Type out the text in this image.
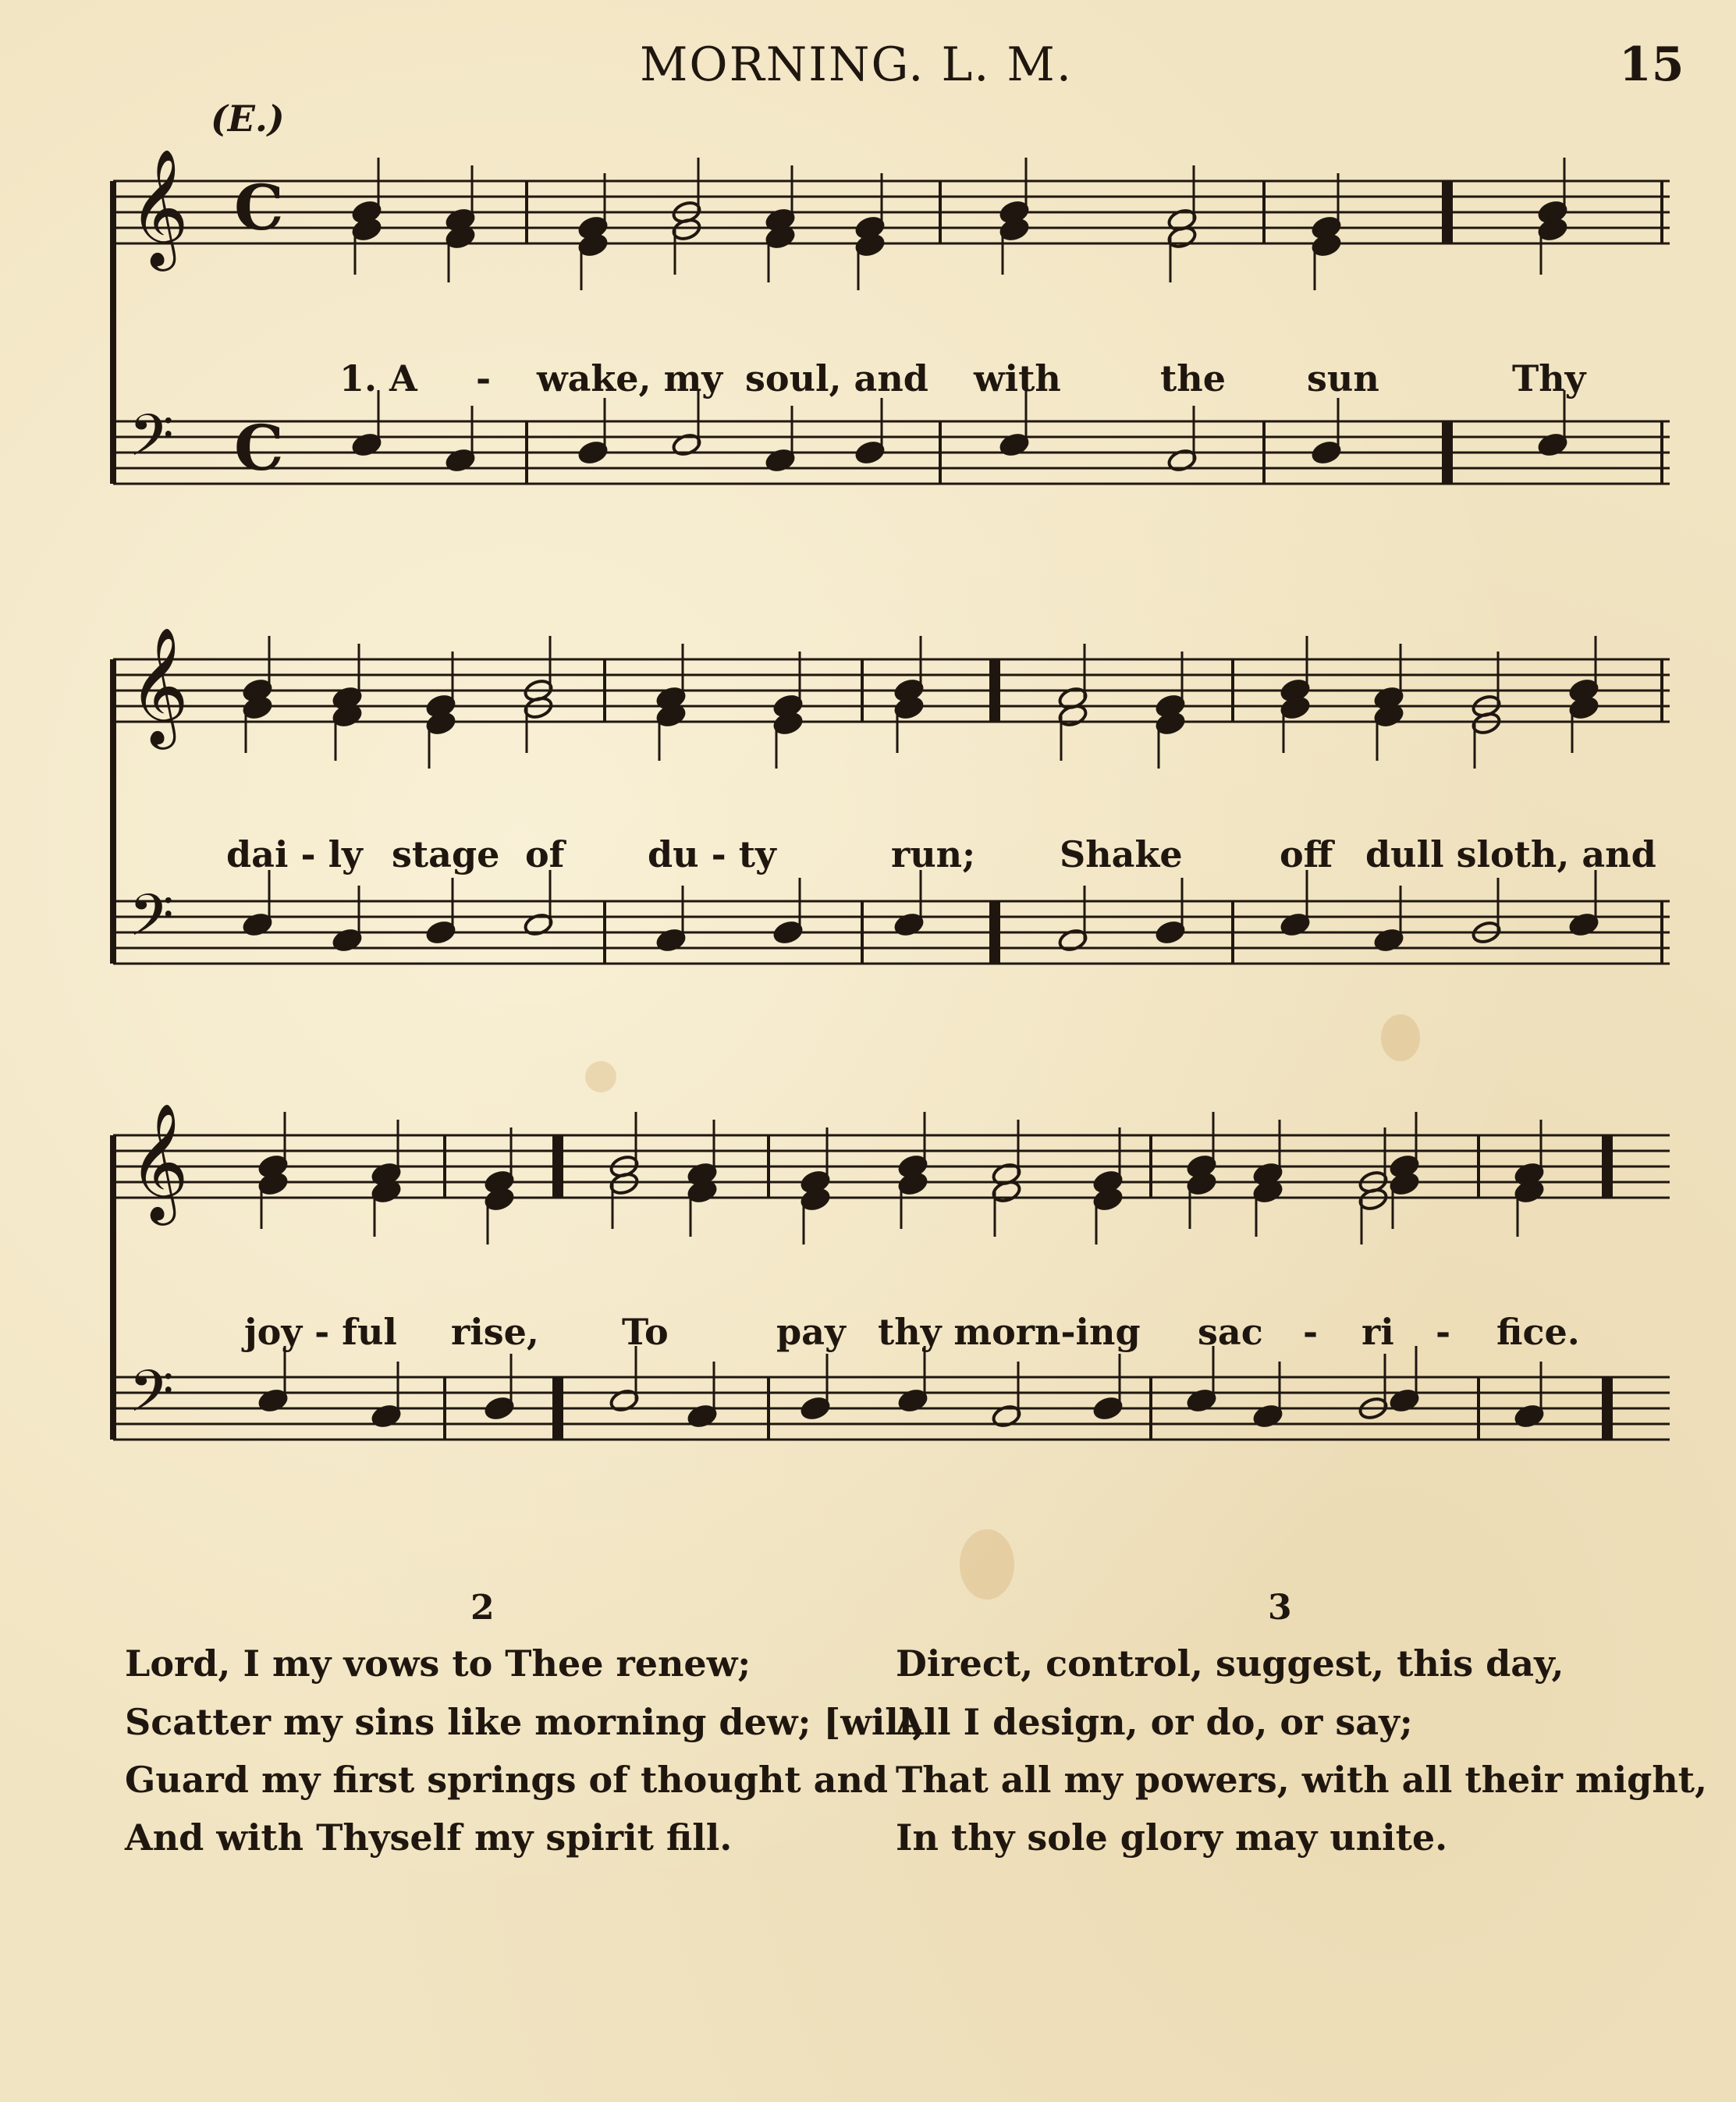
MORNING. L. M.	15
(E.)
𝄞
𝄢
𝄞
𝄢
𝄞
𝄢
C
C
1. A - wake, my soul, and with	the sun	Thy
dai - ly stage of du - ty	run; Shake	off dull sloth, and
joy - ful rise, To	pay thy morn-ing sac - ri - fice.
2	3
Lord, I my vows to Thee renew;
Scatter my sins like morning dew; [will,
Guard my first springs of thought and
And with Thyself my spirit fill.
Direct, control, suggest, this day,
All I design, or do, or say;
That all my powers, with all their might,
In thy sole glory may unite.
